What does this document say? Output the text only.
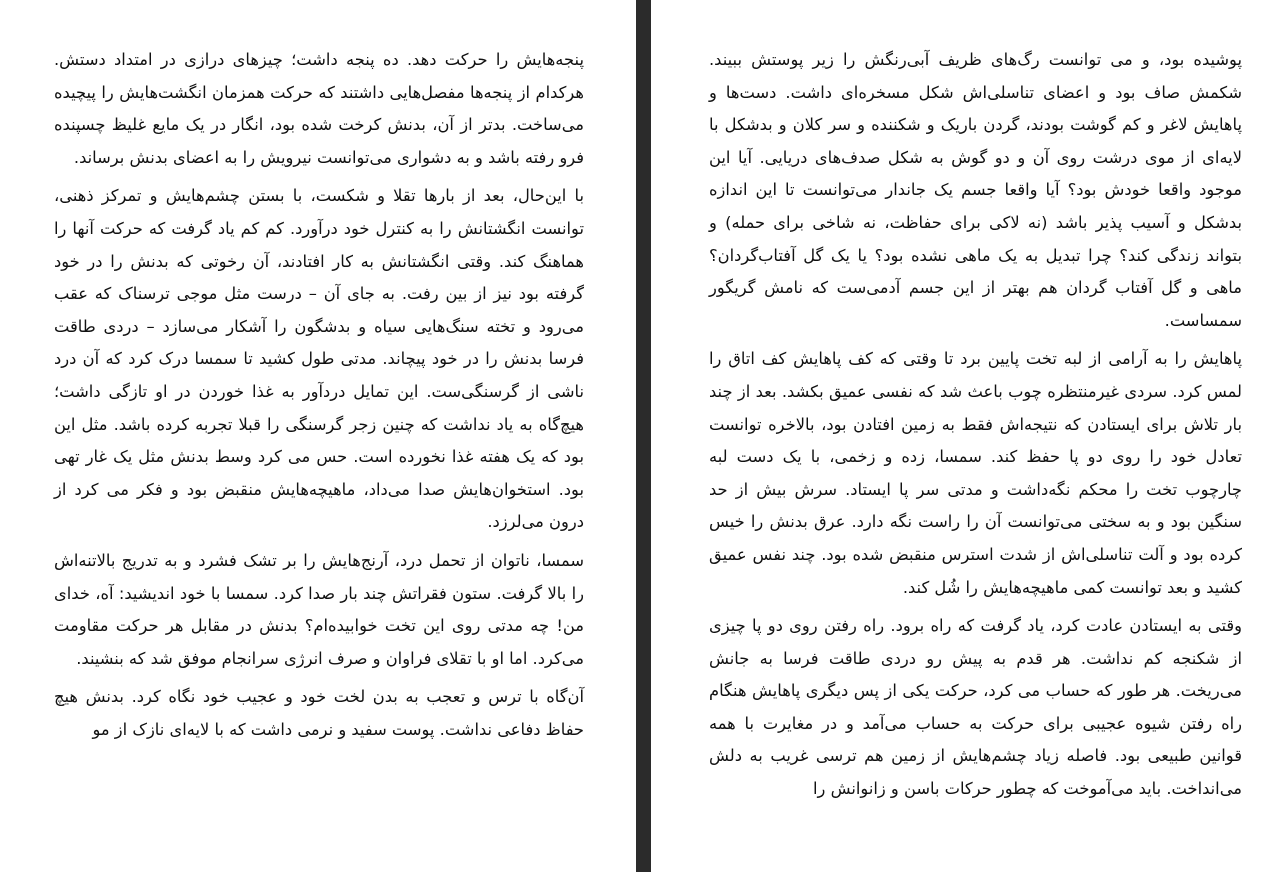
پنجه‌هایش را حرکت دهد. ده پنجه داشت؛ چیزهای درازی در امتداد دستش. هرکدام از پنجه‌ها مفصل‌هایی داشتند که حرکت همزمان انگشت‌هایش را پیچیده می‌ساخت. بدتر از آن، بدنش کرخت شده بود، انگار در یک مایع غلیظ چسپنده فرو رفته باشد و به دشواری می‌توانست نیرویش را به اعضای بدنش برساند.

با این‌حال، بعد از بارها تقلا و شکست، با بستن چشم‌هایش و تمرکز ذهنی، توانست انگشتانش را به کنترل خود درآورد. کم کم یاد گرفت که حرکت آنها را هماهنگ کند. وقتی انگشتانش به کار افتادند، آن رخوتی که بدنش را در خود گرفته بود نیز از بین رفت. به جای آن – درست مثل موجی ترسناک که عقب می‌رود و تخته سنگ‌هایی سیاه و بدشگون را آشکار می‌سازد – دردی طاقت فرسا بدنش را در خود پیچاند. مدتی طول کشید تا سمسا درک کرد که آن درد ناشی از گرسنگی‌ست. این تمایل دردآور به غذا خوردن در او تازگی داشت؛ هیچ‌گاه به یاد نداشت که چنین زجر گرسنگی را قبلا تجربه کرده باشد. مثل این بود که یک هفته غذا نخورده است. حس می کرد وسط بدنش مثل یک غار تهی بود. استخوان‌هایش صدا می‌داد، ماهیچه‌هایش منقبض بود و فکر می کرد از درون می‌لرزد.

سمسا، ناتوان از تحمل درد، آرنج‌هایش را بر تشک فشرد و به تدریج بالاتنه‌اش را بالا گرفت. ستون فقراتش چند بار صدا کرد. سمسا با خود اندیشید: آه، خدای من! چه مدتی روی این تخت خوابیده‌ام؟ بدنش در مقابل هر حرکت مقاومت می‌کرد. اما او با تقلای فراوان و صرف انرژی سرانجام موفق شد که بنشیند.

آن‌گاه با ترس و تعجب به بدن لخت خود و عجیب خود نگاه کرد. بدنش هیچ حفاظ دفاعی نداشت. پوست سفید و نرمی داشت که با لایه‌ای نازک از مو

پوشیده بود، و می توانست رگ‌های ظریف آبی‌رنگش را زیر پوستش ببیند. شکمش صاف بود و اعضای تناسلی‌اش شکل مسخره‌ای داشت. دست‌ها و پاهایش لاغر و کم گوشت بودند، گردن باریک و شکننده و سر کلان و بدشکل با لایه‌ای از موی درشت روی آن و دو گوش به شکل صدف‌های دریایی. آیا این موجود واقعا خودش بود؟ آیا واقعا جسم یک جاندار می‌توانست تا این اندازه بدشکل و آسیب پذیر باشد (نه لاکی برای حفاظت، نه شاخی برای حمله) و بتواند زندگی کند؟ چرا تبدیل به یک ماهی نشده بود؟ یا یک گل آفتاب‌گردان؟ ماهی و گل آفتاب گردان هم بهتر از این جسم آدمی‌ست که نامش گریگور سمساست.

پاهایش را به آرامی از لبه تخت پایین برد تا وقتی که کف پاهایش کف اتاق را لمس کرد. سردی غیرمنتظره چوب باعث شد که نفسی عمیق بکشد. بعد از چند بار تلاش برای ایستادن که نتیجه‌اش فقط به زمین افتادن بود، بالاخره توانست تعادل خود را روی دو پا حفظ کند. سمسا، زده و زخمی، با یک دست لبه چارچوب تخت را محکم نگه‌داشت و مدتی سر پا ایستاد. سرش بیش از حد سنگین بود و به سختی می‌توانست آن را راست نگه دارد. عرق بدنش را خیس کرده بود و آلت تناسلی‌اش از شدت استرس منقبض شده بود. چند نفس عمیق کشید و بعد توانست کمی ماهیچه‌هایش را شُل کند.

وقتی به ایستادن عادت کرد، یاد گرفت که راه برود. راه رفتن روی دو پا چیزی از شکنجه کم نداشت. هر قدم به پیش رو دردی طاقت فرسا به جانش می‌ریخت. هر طور که حساب می کرد، حرکت یکی از پس دیگری پاهایش هنگام راه رفتن شیوه عجیبی برای حرکت به حساب می‌آمد و در مغایرت با همه قوانین طبیعی بود. فاصله زیاد چشم‌هایش از زمین هم ترسی غریب به دلش می‌انداخت. باید می‌آموخت که چطور حرکات باسن و زانوانش را
